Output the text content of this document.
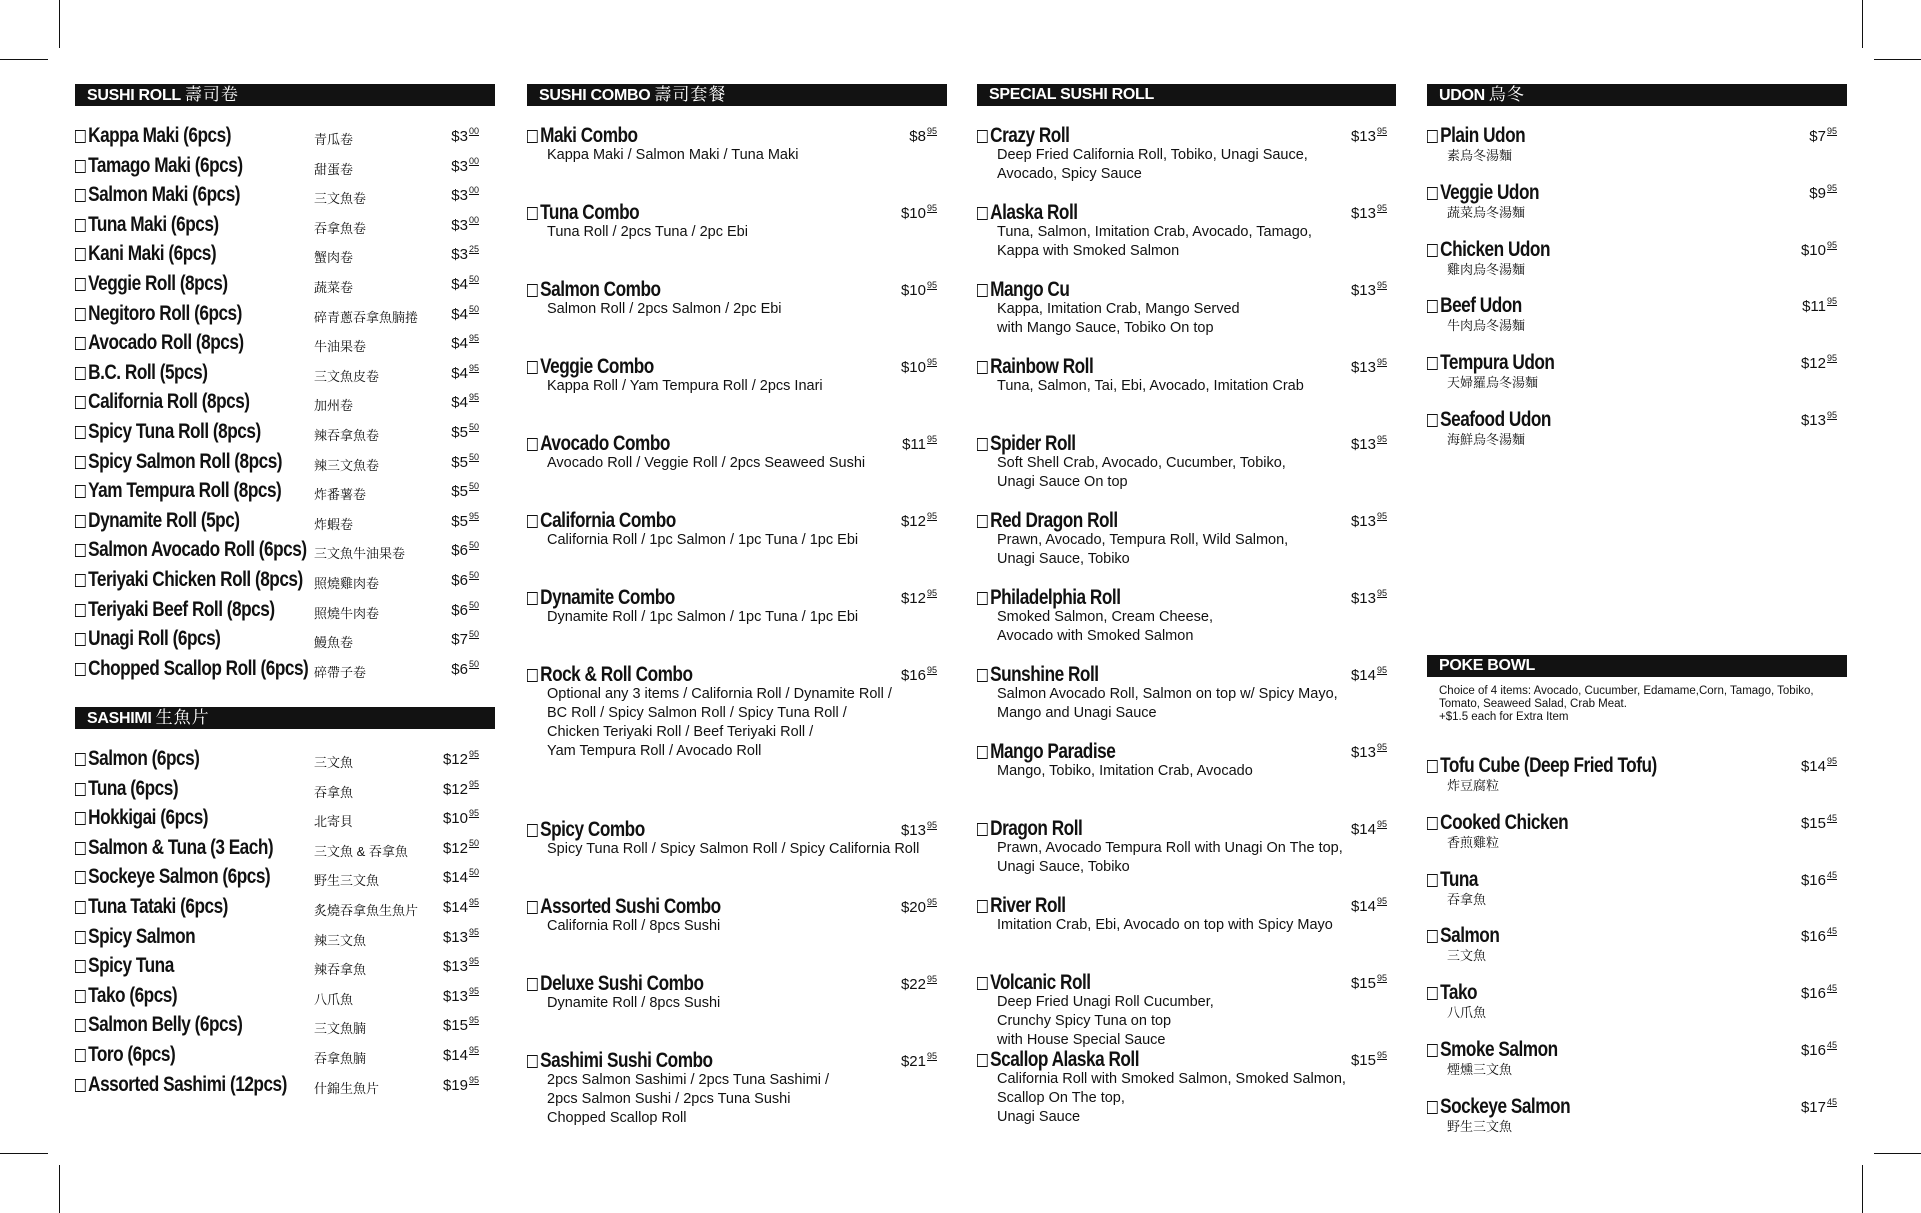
SUSHI ROLL 壽司卷
Kappa Maki (6pcs)	青瓜卷	$\$3^{00}$
Tamago Maki (6pcs)	甜蛋卷	$\$3^{00}$
Salmon Maki (6pcs)	三文魚卷	$\$3^{00}$
Tuna Maki (6pcs)	吞拿魚卷	$\$3^{00}$
Kani Maki (6pcs)	蟹肉卷	$\$3^{25}$
Veggie Roll (8pcs)	蔬菜卷	$\$4^{50}$
Negitoro Roll (6pcs)	碎青蔥吞拿魚腩捲 $\$4^{50}$
Avocado Roll (8pcs)	牛油果卷	$\$4^{95}$
B.C. Roll (5pcs)	三文魚皮卷	$\$4^{95}$
California Roll (8pcs)	加州卷	$\$4^{95}$
Spicy Tuna Roll (8pcs)	辣吞拿魚卷	$\$5^{50}$
Spicy Salmon Roll (8pcs) 辣三文魚卷	$\$5^{50}$
Yam Tempura Roll (8pcs)	炸番薯卷	$\$5^{50}$
Dynamite Roll (5pc)	炸蝦卷	$\$5^{95}$
Salmon Avocado Roll (6pcs) 三文魚牛油果卷	$\$6^{50}$
Teriyaki Chicken Roll (8pcs) 照燒雞肉卷	$\$6^{50}$
Teriyaki Beef Roll (8pcs)	照燒牛肉卷	$\$6^{50}$
Unagi Roll (6pcs)	鰻魚卷	$\$7^{50}$
Chopped Scallop Roll (6pcs) 碎帶子卷	$\$6^{50}$
SASHIMI 生魚片
Salmon (6pcs)	三文魚	$\$12^{95}$
Tuna (6pcs)	吞拿魚	$\$12^{95}$
Hokkigai (6pcs)	北寄貝	$\$10^{95}$
Salmon & Tuna (3 Each)	三文魚 & 吞拿魚 $\$12^{50}$
Sockeye Salmon (6pcs)	野生三文魚	$\$14^{50}$
Tuna Tataki (6pcs)	炙燒吞拿魚生魚片 $\$14^{95}$
Spicy Salmon	辣三文魚	$\$13^{95}$
Spicy Tuna	辣吞拿魚	$\$13^{95}$
Tako (6pcs)	八爪魚	$\$13^{95}$
Salmon Belly (6pcs)	三文魚腩	$\$15^{95}$
Toro (6pcs)	吞拿魚腩	$\$14^{95}$
Assorted Sashimi (12pcs) 什錦生魚片	$\$19^{95}$
SUSHI COMBO 壽司套餐
Maki Combo	$\$8^{95}$
Kappa Maki / Salmon Maki / Tuna Maki
Tuna Combo	$\$10^{95}$
Tuna Roll / 2pcs Tuna / 2pc Ebi
Salmon Combo	$\$10^{95}$
Salmon Roll / 2pcs Salmon / 2pc Ebi
Veggie Combo	$\$10^{95}$
Kappa Roll / Yam Tempura Roll / 2pcs Inari
Avocado Combo	$\$11^{95}$
Avocado Roll / Veggie Roll / 2pcs Seaweed Sushi
California Combo	$\$12^{95}$
California Roll / 1pc Salmon / 1pc Tuna / 1pc Ebi
Dynamite Combo	$\$12^{95}$
Dynamite Roll / 1pc Salmon / 1pc Tuna / 1pc Ebi
Rock & Roll Combo	$\$16^{95}$
Optional any 3 items / California Roll / Dynamite Roll /
BC Roll / Spicy Salmon Roll / Spicy Tuna Roll /
Chicken Teriyaki Roll / Beef Teriyaki Roll /
Yam Tempura Roll / Avocado Roll
Spicy Combo	$\$13^{95}$
Spicy Tuna Roll / Spicy Salmon Roll / Spicy California Roll
Assorted Sushi Combo	$\$20^{95}$
California Roll / 8pcs Sushi
Deluxe Sushi Combo	$\$22^{95}$
Dynamite Roll / 8pcs Sushi
Sashimi Sushi Combo	$\$21^{95}$
2pcs Salmon Sashimi / 2pcs Tuna Sashimi /
2pcs Salmon Sushi / 2pcs Tuna Sushi
Chopped Scallop Roll
SPECIAL SUSHI ROLL
Crazy Roll	$\$13^{95}$
Deep Fried California Roll, Tobiko, Unagi Sauce,
Avocado, Spicy Sauce
Alaska Roll	$\$13^{95}$
Tuna, Salmon, Imitation Crab, Avocado, Tamago,
Kappa with Smoked Salmon
Mango Cu	$\$13^{95}$
Kappa, Imitation Crab, Mango Served
with Mango Sauce, Tobiko On top
Rainbow Roll	$\$13^{95}$
Tuna, Salmon, Tai, Ebi, Avocado, Imitation Crab
Spider Roll	$\$13^{95}$
Soft Shell Crab, Avocado, Cucumber, Tobiko,
Unagi Sauce On top
Red Dragon Roll	$\$13^{95}$
Prawn, Avocado, Tempura Roll, Wild Salmon,
Unagi Sauce, Tobiko
Philadelphia Roll	$\$13^{95}$
Smoked Salmon, Cream Cheese,
Avocado with Smoked Salmon
Sunshine Roll	$\$14^{95}$
Salmon Avocado Roll, Salmon on top w/ Spicy Mayo,
Mango and Unagi Sauce
Mango Paradise	$\$13^{95}$
Mango, Tobiko, Imitation Crab, Avocado
Dragon Roll	$\$14^{95}$
Prawn, Avocado Tempura Roll with Unagi On The top,
Unagi Sauce, Tobiko
River Roll	$\$14^{95}$
Imitation Crab, Ebi, Avocado on top with Spicy Mayo
Volcanic Roll	$\$15^{95}$
Deep Fried Unagi Roll Cucumber,
Crunchy Spicy Tuna on top
with House Special Sauce
Scallop Alaska Roll	$\$15^{95}$
California Roll with Smoked Salmon, Smoked Salmon,
Scallop On The top,
Unagi Sauce
UDON 烏冬
Plain Udon	$\$7^{95}$
素烏冬湯麵
Veggie Udon	$\$9^{95}$
蔬菜烏冬湯麵
Chicken Udon	$\$10^{95}$
雞肉烏冬湯麵
Beef Udon	$\$11^{95}$
牛肉烏冬湯麵
Tempura Udon	$\$12^{95}$
天婦羅烏冬湯麵
Seafood Udon	$\$13^{95}$
海鮮烏冬湯麵
POKE BOWL
Choice of 4 items: Avocado, Cucumber, Edamame,Corn, Tamago, Tobiko,
Tomato, Seaweed Salad, Crab Meat.
+$1.5 each for Extra Item
Tofu Cube (Deep Fried Tofu)	$\$14^{95}$
炸豆腐粒
Cooked Chicken	$\$15^{45}$
香煎雞粒
Tuna	$\$16^{45}$
吞拿魚
Salmon	$\$16^{45}$
三文魚
Tako	$\$16^{45}$
八爪魚
Smoke Salmon	$\$16^{45}$
煙燻三文魚
Sockeye Salmon	$\$17^{45}$
野生三文魚
